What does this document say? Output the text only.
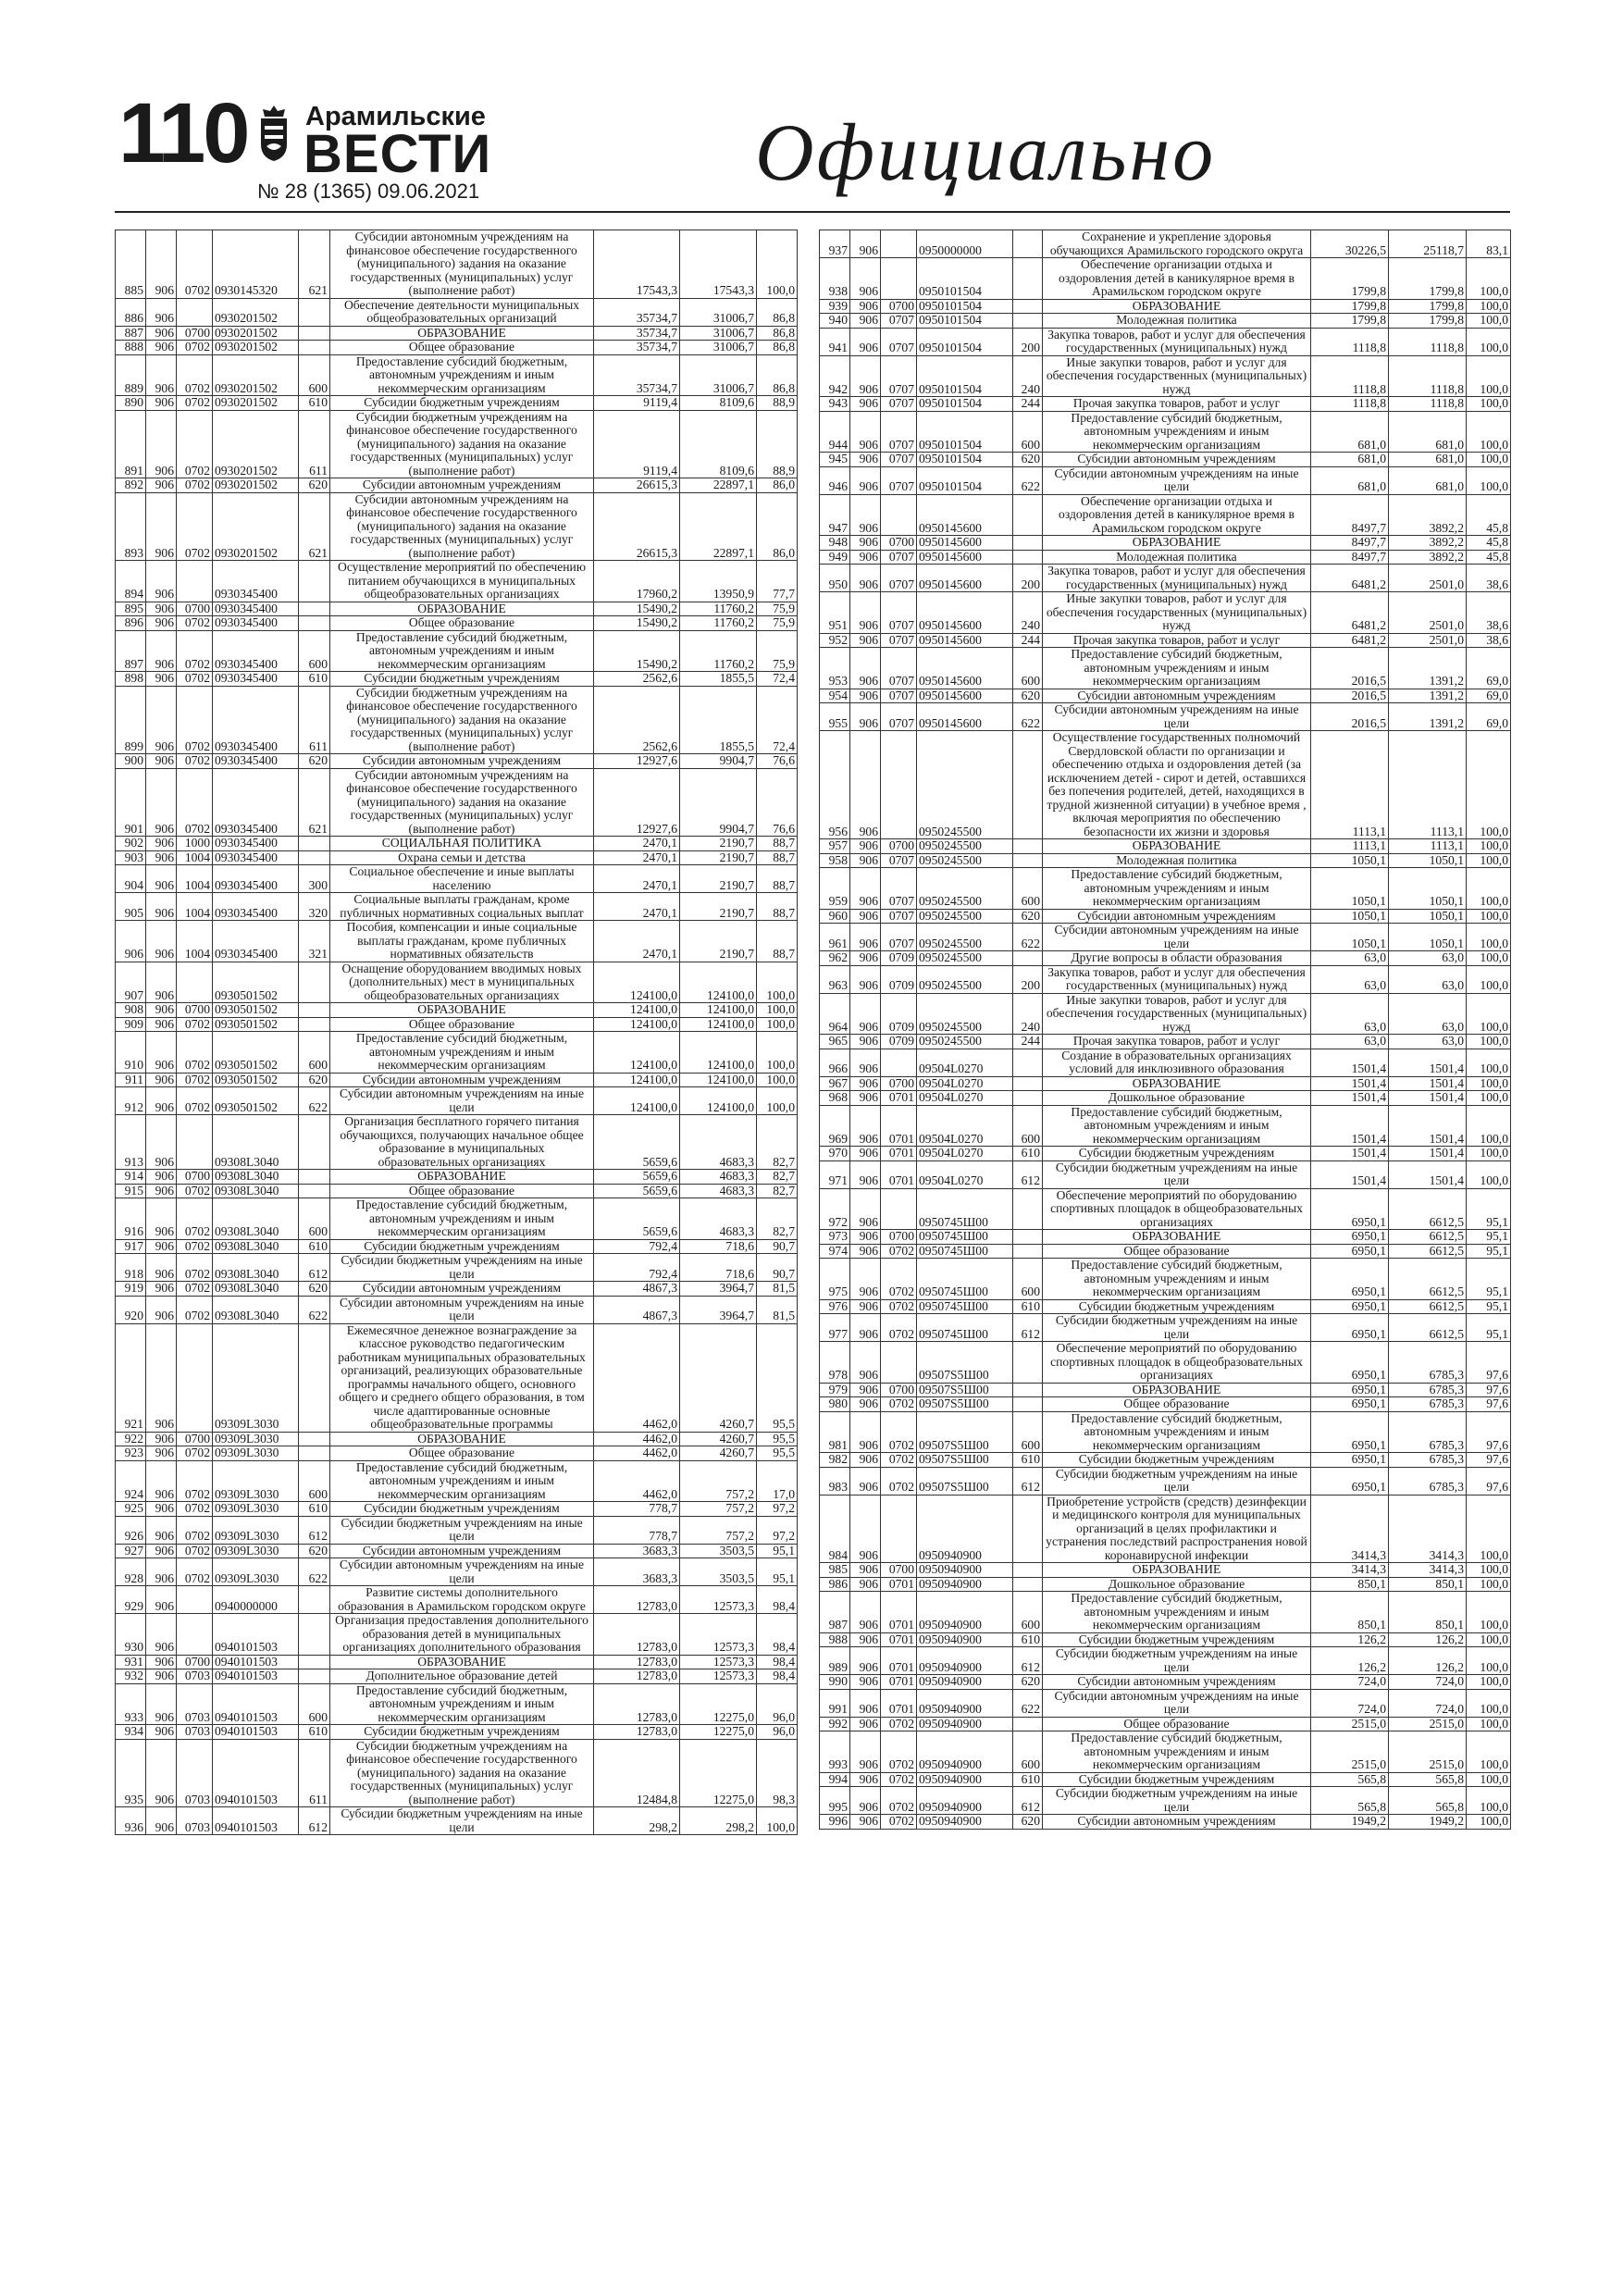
110 Арамильские
ВЕСТИ
№ 28 (1365) 09.06.2021	Официально
885	906	0702	0930145320	621	Субсидии автономным учреждениям на финансовое обеспечение государственного (муниципального) задания на оказание государственных (муниципальных) услуг (выполнение работ)	17543,3	17543,3	100,0
886	906		0930201502		Обеспечение деятельности муниципальных общеобразовательных организаций	35734,7	31006,7	86,8
887	906	0700	0930201502		ОБРАЗОВАНИЕ	35734,7	31006,7	86,8
888	906	0702	0930201502		Общее образование	35734,7	31006,7	86,8
889	906	0702	0930201502	600	Предоставление субсидий бюджетным, автономным учреждениям и иным некоммерческим организациям	35734,7	31006,7	86,8
890	906	0702	0930201502	610	Субсидии бюджетным учреждениям	9119,4	8109,6	88,9
891	906	0702	0930201502	611	Субсидии бюджетным учреждениям на финансовое обеспечение государственного (муниципального) задания на оказание государственных (муниципальных) услуг (выполнение работ)	9119,4	8109,6	88,9
892	906	0702	0930201502	620	Субсидии автономным учреждениям	26615,3	22897,1	86,0
893	906	0702	0930201502	621	Субсидии автономным учреждениям на финансовое обеспечение государственного (муниципального) задания на оказание государственных (муниципальных) услуг (выполнение работ)	26615,3	22897,1	86,0
894	906		0930345400		Осуществление мероприятий по обеспечению питанием обучающихся в муниципальных общеобразовательных организациях	17960,2	13950,9	77,7
895	906	0700	0930345400		ОБРАЗОВАНИЕ	15490,2	11760,2	75,9
896	906	0702	0930345400		Общее образование	15490,2	11760,2	75,9
897	906	0702	0930345400	600	Предоставление субсидий бюджетным, автономным учреждениям и иным некоммерческим организациям	15490,2	11760,2	75,9
898	906	0702	0930345400	610	Субсидии бюджетным учреждениям	2562,6	1855,5	72,4
899	906	0702	0930345400	611	Субсидии бюджетным учреждениям на финансовое обеспечение государственного (муниципального) задания на оказание государственных (муниципальных) услуг (выполнение работ)	2562,6	1855,5	72,4
900	906	0702	0930345400	620	Субсидии автономным учреждениям	12927,6	9904,7	76,6
901	906	0702	0930345400	621	Субсидии автономным учреждениям на финансовое обеспечение государственного (муниципального) задания на оказание государственных (муниципальных) услуг (выполнение работ)	12927,6	9904,7	76,6
902	906	1000	0930345400		СОЦИАЛЬНАЯ ПОЛИТИКА	2470,1	2190,7	88,7
903	906	1004	0930345400		Охрана семьи и детства	2470,1	2190,7	88,7
904	906	1004	0930345400	300	Социальное обеспечение и иные выплаты населению	2470,1	2190,7	88,7
905	906	1004	0930345400	320	Социальные выплаты гражданам, кроме публичных нормативных социальных выплат	2470,1	2190,7	88,7
906	906	1004	0930345400	321	Пособия, компенсации и иные социальные выплаты гражданам, кроме публичных нормативных обязательств	2470,1	2190,7	88,7
907	906		0930501502		Оснащение оборудованием вводимых новых (дополнительных) мест в муниципальных общеобразовательных организациях	124100,0	124100,0	100,0
908	906	0700	0930501502		ОБРАЗОВАНИЕ	124100,0	124100,0	100,0
909	906	0702	0930501502		Общее образование	124100,0	124100,0	100,0
910	906	0702	0930501502	600	Предоставление субсидий бюджетным, автономным учреждениям и иным некоммерческим организациям	124100,0	124100,0	100,0
911	906	0702	0930501502	620	Субсидии автономным учреждениям	124100,0	124100,0	100,0
912	906	0702	0930501502	622	Субсидии автономным учреждениям на иные цели	124100,0	124100,0	100,0
913	906		09308L3040		Организация бесплатного горячего питания обучающихся, получающих начальное общее образование в муниципальных образовательных организациях	5659,6	4683,3	82,7
914	906	0700	09308L3040		ОБРАЗОВАНИЕ	5659,6	4683,3	82,7
915	906	0702	09308L3040		Общее образование	5659,6	4683,3	82,7
916	906	0702	09308L3040	600	Предоставление субсидий бюджетным, автономным учреждениям и иным некоммерческим организациям	5659,6	4683,3	82,7
917	906	0702	09308L3040	610	Субсидии бюджетным учреждениям	792,4	718,6	90,7
918	906	0702	09308L3040	612	Субсидии бюджетным учреждениям на иные цели	792,4	718,6	90,7
919	906	0702	09308L3040	620	Субсидии автономным учреждениям	4867,3	3964,7	81,5
920	906	0702	09308L3040	622	Субсидии автономным учреждениям на иные цели	4867,3	3964,7	81,5
921	906		09309L3030		Ежемесячное денежное вознаграждение за классное руководство педагогическим работникам муниципальных образовательных организаций, реализующих образовательные программы начального общего, основного общего и среднего общего образования, в том числе адаптированные основные общеобразовательные программы	4462,0	4260,7	95,5
922	906	0700	09309L3030		ОБРАЗОВАНИЕ	4462,0	4260,7	95,5
923	906	0702	09309L3030		Общее образование	4462,0	4260,7	95,5
924	906	0702	09309L3030	600	Предоставление субсидий бюджетным, автономным учреждениям и иным некоммерческим организациям	4462,0	757,2	17,0
925	906	0702	09309L3030	610	Субсидии бюджетным учреждениям	778,7	757,2	97,2
926	906	0702	09309L3030	612	Субсидии бюджетным учреждениям на иные цели	778,7	757,2	97,2
927	906	0702	09309L3030	620	Субсидии автономным учреждениям	3683,3	3503,5	95,1
928	906	0702	09309L3030	622	Субсидии автономным учреждениям на иные цели	3683,3	3503,5	95,1
929	906		0940000000		Развитие системы дополнительного образования в Арамильском городском округе	12783,0	12573,3	98,4
930	906		0940101503		Организация предоставления дополнительного образования детей в муниципальных организациях дополнительного образования	12783,0	12573,3	98,4
931	906	0700	0940101503		ОБРАЗОВАНИЕ	12783,0	12573,3	98,4
932	906	0703	0940101503		Дополнительное образование детей	12783,0	12573,3	98,4
933	906	0703	0940101503	600	Предоставление субсидий бюджетным, автономным учреждениям и иным некоммерческим организациям	12783,0	12275,0	96,0
934	906	0703	0940101503	610	Субсидии бюджетным учреждениям	12783,0	12275,0	96,0
935	906	0703	0940101503	611	Субсидии бюджетным учреждениям на финансовое обеспечение государственного (муниципального) задания на оказание государственных (муниципальных) услуг (выполнение работ)	12484,8	12275,0	98,3
936	906	0703	0940101503	612	Субсидии бюджетным учреждениям на иные цели	298,2	298,2	100,0
937	906		0950000000		Сохранение и укрепление здоровья обучающихся Арамильского городского округа	30226,5	25118,7	83,1
938	906		0950101504		Обеспечение организации отдыха и оздоровления детей в каникулярное время в Арамильском городском округе	1799,8	1799,8	100,0
939	906	0700	0950101504		ОБРАЗОВАНИЕ	1799,8	1799,8	100,0
940	906	0707	0950101504		Молодежная политика	1799,8	1799,8	100,0
941	906	0707	0950101504	200	Закупка товаров, работ и услуг для обеспечения государственных (муниципальных) нужд	1118,8	1118,8	100,0
942	906	0707	0950101504	240	Иные закупки товаров, работ и услуг для обеспечения государственных (муниципальных) нужд	1118,8	1118,8	100,0
943	906	0707	0950101504	244	Прочая закупка товаров, работ и услуг	1118,8	1118,8	100,0
944	906	0707	0950101504	600	Предоставление субсидий бюджетным, автономным учреждениям и иным некоммерческим организациям	681,0	681,0	100,0
945	906	0707	0950101504	620	Субсидии автономным учреждениям	681,0	681,0	100,0
946	906	0707	0950101504	622	Субсидии автономным учреждениям на иные цели	681,0	681,0	100,0
947	906		0950145600		Обеспечение организации отдыха и оздоровления детей в каникулярное время в Арамильском городском округе	8497,7	3892,2	45,8
948	906	0700	0950145600		ОБРАЗОВАНИЕ	8497,7	3892,2	45,8
949	906	0707	0950145600		Молодежная политика	8497,7	3892,2	45,8
950	906	0707	0950145600	200	Закупка товаров, работ и услуг для обеспечения государственных (муниципальных) нужд	6481,2	2501,0	38,6
951	906	0707	0950145600	240	Иные закупки товаров, работ и услуг для обеспечения государственных (муниципальных) нужд	6481,2	2501,0	38,6
952	906	0707	0950145600	244	Прочая закупка товаров, работ и услуг	6481,2	2501,0	38,6
953	906	0707	0950145600	600	Предоставление субсидий бюджетным, автономным учреждениям и иным некоммерческим организациям	2016,5	1391,2	69,0
954	906	0707	0950145600	620	Субсидии автономным учреждениям	2016,5	1391,2	69,0
955	906	0707	0950145600	622	Субсидии автономным учреждениям на иные цели	2016,5	1391,2	69,0
956	906		0950245500		Осуществление государственных полномочий Свердловской области по организации и обеспечению отдыха и оздоровления детей (за исключением детей - сирот и детей, оставшихся без попечения родителей, детей, находящихся в трудной жизненной ситуации) в учебное время , включая мероприятия по обеспечению безопасности их жизни и здоровья	1113,1	1113,1	100,0
957	906	0700	0950245500		ОБРАЗОВАНИЕ	1113,1	1113,1	100,0
958	906	0707	0950245500		Молодежная политика	1050,1	1050,1	100,0
959	906	0707	0950245500	600	Предоставление субсидий бюджетным, автономным учреждениям и иным некоммерческим организациям	1050,1	1050,1	100,0
960	906	0707	0950245500	620	Субсидии автономным учреждениям	1050,1	1050,1	100,0
961	906	0707	0950245500	622	Субсидии автономным учреждениям на иные цели	1050,1	1050,1	100,0
962	906	0709	0950245500		Другие вопросы в области образования	63,0	63,0	100,0
963	906	0709	0950245500	200	Закупка товаров, работ и услуг для обеспечения государственных (муниципальных) нужд	63,0	63,0	100,0
964	906	0709	0950245500	240	Иные закупки товаров, работ и услуг для обеспечения государственных (муниципальных) нужд	63,0	63,0	100,0
965	906	0709	0950245500	244	Прочая закупка товаров, работ и услуг	63,0	63,0	100,0
966	906		09504L0270		Создание в образовательных организациях условий для инклюзивного образования	1501,4	1501,4	100,0
967	906	0700	09504L0270		ОБРАЗОВАНИЕ	1501,4	1501,4	100,0
968	906	0701	09504L0270		Дошкольное образование	1501,4	1501,4	100,0
969	906	0701	09504L0270	600	Предоставление субсидий бюджетным, автономным учреждениям и иным некоммерческим организациям	1501,4	1501,4	100,0
970	906	0701	09504L0270	610	Субсидии бюджетным учреждениям	1501,4	1501,4	100,0
971	906	0701	09504L0270	612	Субсидии бюджетным учреждениям на иные цели	1501,4	1501,4	100,0
972	906		0950745Ш00		Обеспечение мероприятий по оборудованию спортивных площадок в общеобразовательных организациях	6950,1	6612,5	95,1
973	906	0700	0950745Ш00		ОБРАЗОВАНИЕ	6950,1	6612,5	95,1
974	906	0702	0950745Ш00		Общее образование	6950,1	6612,5	95,1
975	906	0702	0950745Ш00	600	Предоставление субсидий бюджетным, автономным учреждениям и иным некоммерческим организациям	6950,1	6612,5	95,1
976	906	0702	0950745Ш00	610	Субсидии бюджетным учреждениям	6950,1	6612,5	95,1
977	906	0702	0950745Ш00	612	Субсидии бюджетным учреждениям на иные цели	6950,1	6612,5	95,1
978	906		09507S5Ш00		Обеспечение мероприятий по оборудованию спортивных площадок в общеобразовательных организациях	6950,1	6785,3	97,6
979	906	0700	09507S5Ш00		ОБРАЗОВАНИЕ	6950,1	6785,3	97,6
980	906	0702	09507S5Ш00		Общее образование	6950,1	6785,3	97,6
981	906	0702	09507S5Ш00	600	Предоставление субсидий бюджетным, автономным учреждениям и иным некоммерческим организациям	6950,1	6785,3	97,6
982	906	0702	09507S5Ш00	610	Субсидии бюджетным учреждениям	6950,1	6785,3	97,6
983	906	0702	09507S5Ш00	612	Субсидии бюджетным учреждениям на иные цели	6950,1	6785,3	97,6
984	906		0950940900		Приобретение устройств (средств) дезинфекции и медицинского контроля для муниципальных организаций в целях профилактики и устранения последствий распространения новой коронавирусной инфекции	3414,3	3414,3	100,0
985	906	0700	0950940900		ОБРАЗОВАНИЕ	3414,3	3414,3	100,0
986	906	0701	0950940900		Дошкольное образование	850,1	850,1	100,0
987	906	0701	0950940900	600	Предоставление субсидий бюджетным, автономным учреждениям и иным некоммерческим организациям	850,1	850,1	100,0
988	906	0701	0950940900	610	Субсидии бюджетным учреждениям	126,2	126,2	100,0
989	906	0701	0950940900	612	Субсидии бюджетным учреждениям на иные цели	126,2	126,2	100,0
990	906	0701	0950940900	620	Субсидии автономным учреждениям	724,0	724,0	100,0
991	906	0701	0950940900	622	Субсидии автономным учреждениям на иные цели	724,0	724,0	100,0
992	906	0702	0950940900		Общее образование	2515,0	2515,0	100,0
993	906	0702	0950940900	600	Предоставление субсидий бюджетным, автономным учреждениям и иным некоммерческим организациям	2515,0	2515,0	100,0
994	906	0702	0950940900	610	Субсидии бюджетным учреждениям	565,8	565,8	100,0
995	906	0702	0950940900	612	Субсидии бюджетным учреждениям на иные цели	565,8	565,8	100,0
996	906	0702	0950940900	620	Субсидии автономным учреждениям	1949,2	1949,2	100,0
